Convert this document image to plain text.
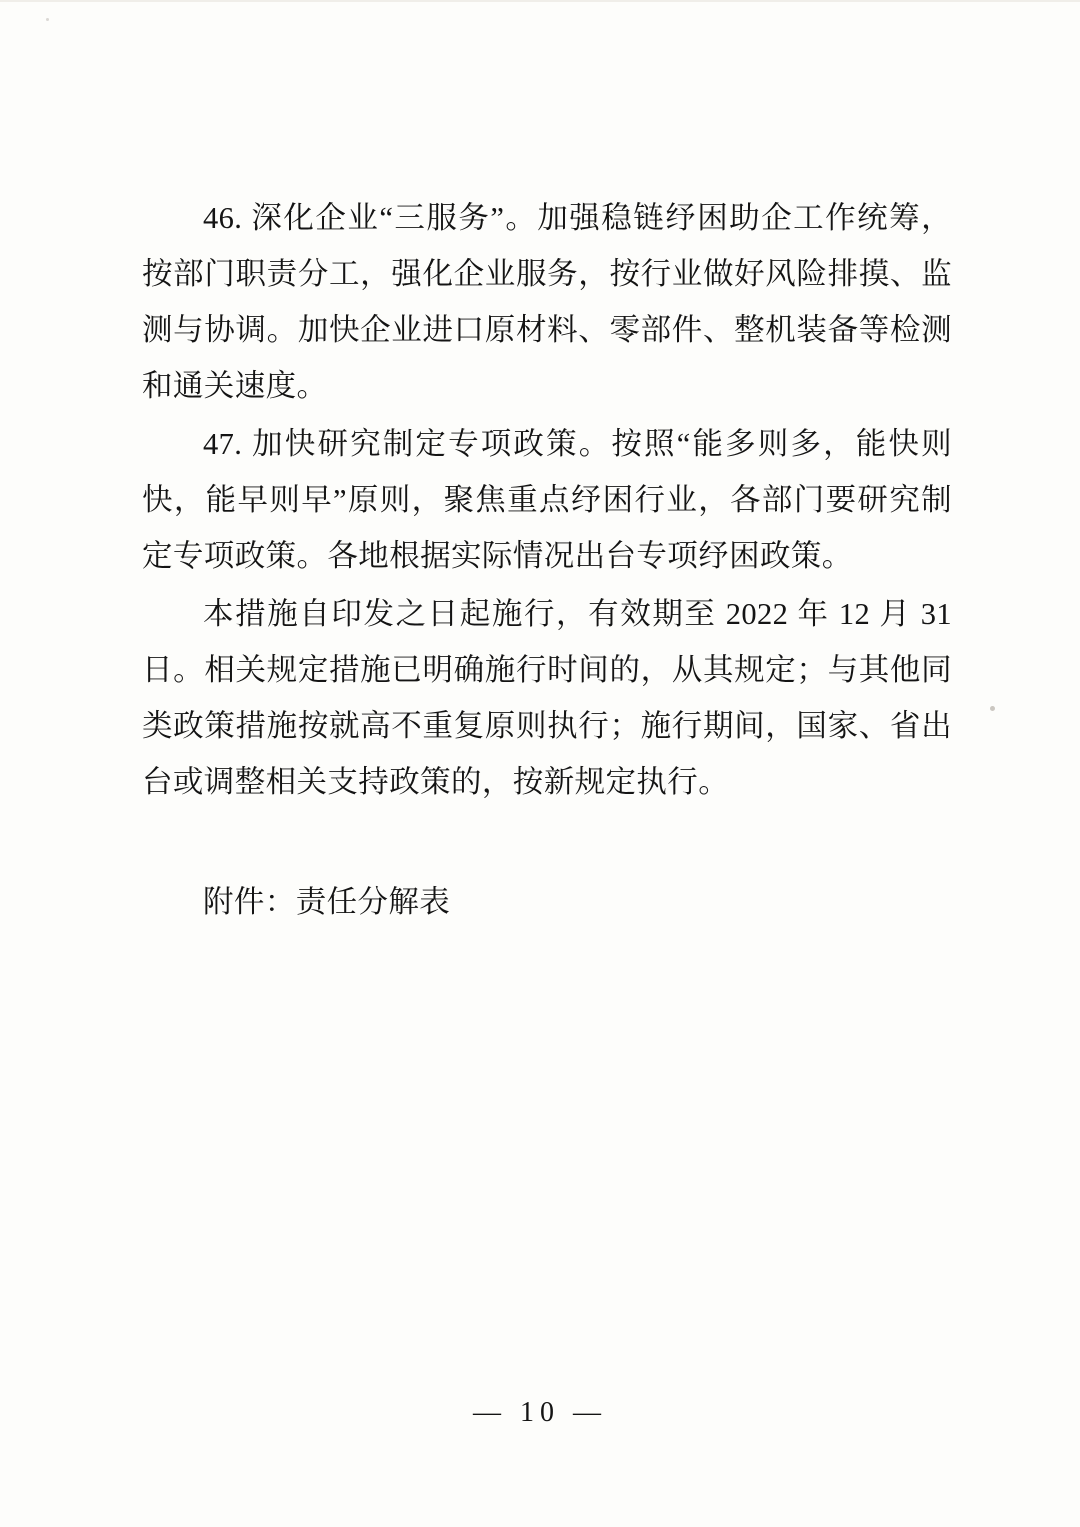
46. 深化企业“三服务”。加强稳链纾困助企工作统筹，按部门职责分工，强化企业服务，按行业做好风险排摸、监测与协调。加快企业进口原材料、零部件、整机装备等检测和通关速度。

47. 加快研究制定专项政策。按照“能多则多，能快则快，能早则早”原则，聚焦重点纾困行业，各部门要研究制定专项政策。各地根据实际情况出台专项纾困政策。

本措施自印发之日起施行，有效期至 2022 年 12 月 31 日。相关规定措施已明确施行时间的，从其规定；与其他同类政策措施按就高不重复原则执行；施行期间，国家、省出台或调整相关支持政策的，按新规定执行。

附件：责任分解表

— 10 —
